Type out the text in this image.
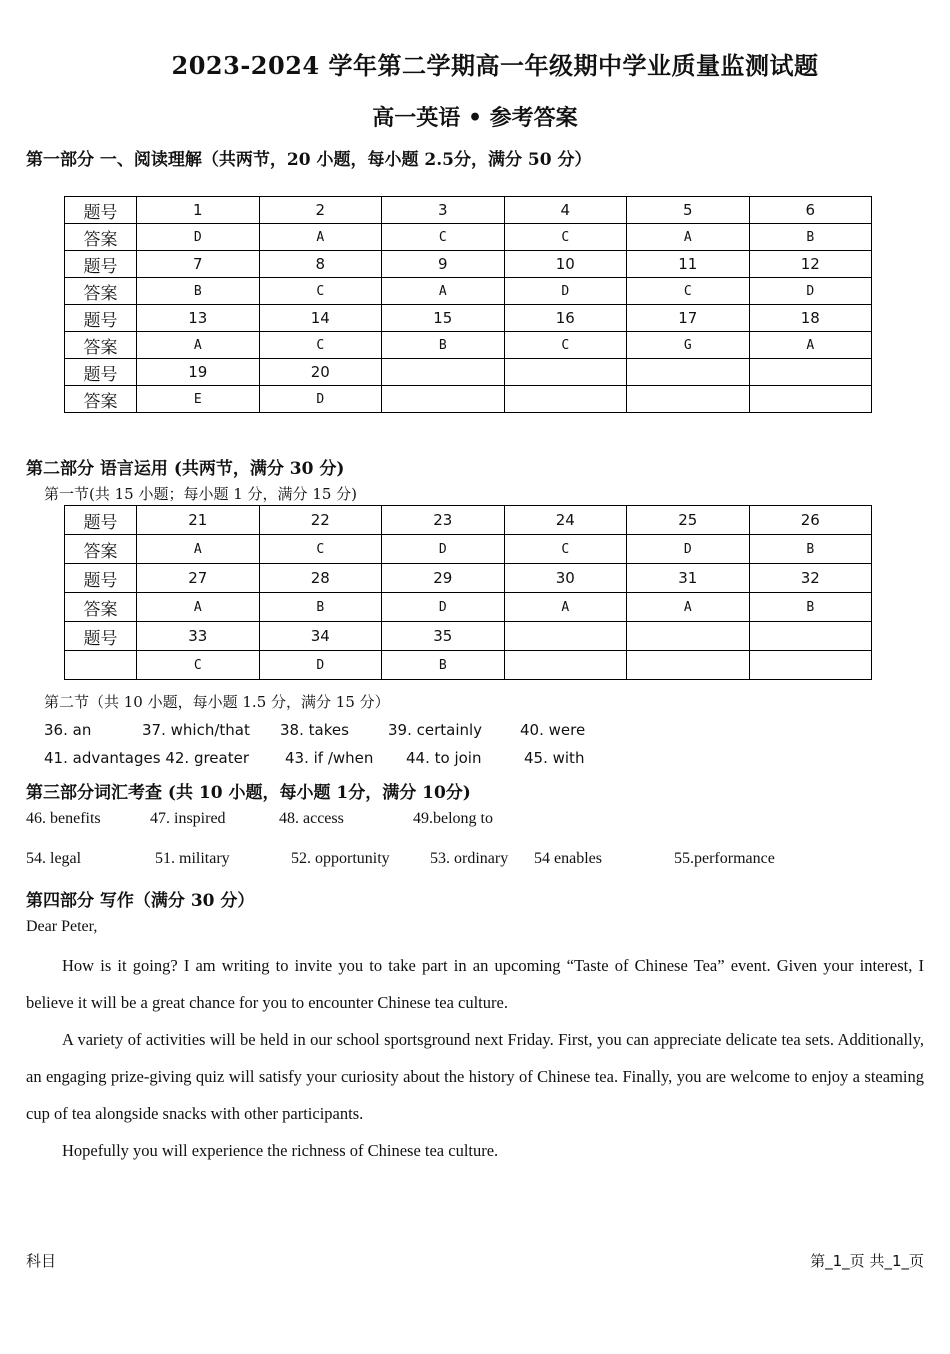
2023-2024 学年第二学期高一年级期中学业质量监测试题
高一英语 • 参考答案
第一部分 一、阅读理解（共两节，20 小题，每小题 2.5分，满分 50 分）
题号	1	2	3	4	5	6
答案	D	A	C	C	A	B
题号	7	8	9	10	11	12
答案	B	C	A	D	C	D
题号	13	14	15	16	17	18
答案	A	C	B	C	G	A
题号	19	20				
答案	E	D				
第二部分 语言运用 (共两节，满分 30 分)
第一节(共 15 小题；每小题 1 分，满分 15 分)
题号	21	22	23	24	25	26
答案	A	C	D	C	D	B
题号	27	28	29	30	31	32
答案	A	B	D	A	A	B
题号	33	34	35			
	C	D	B			
第二节（共 10 小题，每小题 1.5 分，满分 15 分）
36. an	37. which/that 38. takes	39. certainly	40. were
41. advantages 42. greater 43. if /when 44. to join	45. with
第三部分词汇考查 (共 10 小题，每小题 1分，满分 10分)
46. benefits	47. inspired	48. access	49.belong to
54. legal	51. military	52. opportunity	53. ordinary 54 enables	55.performance
第四部分 写作（满分 30 分）
Dear Peter,

How is it going? I am writing to invite you to take part in an upcoming “Taste of Chinese Tea” event. Given your interest, I believe it will be a great chance for you to encounter Chinese tea culture.

A variety of activities will be held in our school sportsground next Friday. First, you can appreciate delicate tea sets. Additionally, an engaging prize-giving quiz will satisfy your curiosity about the history of Chinese tea. Finally, you are welcome to enjoy a steaming cup of tea alongside snacks with other participants.

Hopefully you will experience the richness of Chinese tea culture.

科目	第_1_页 共_1_页
